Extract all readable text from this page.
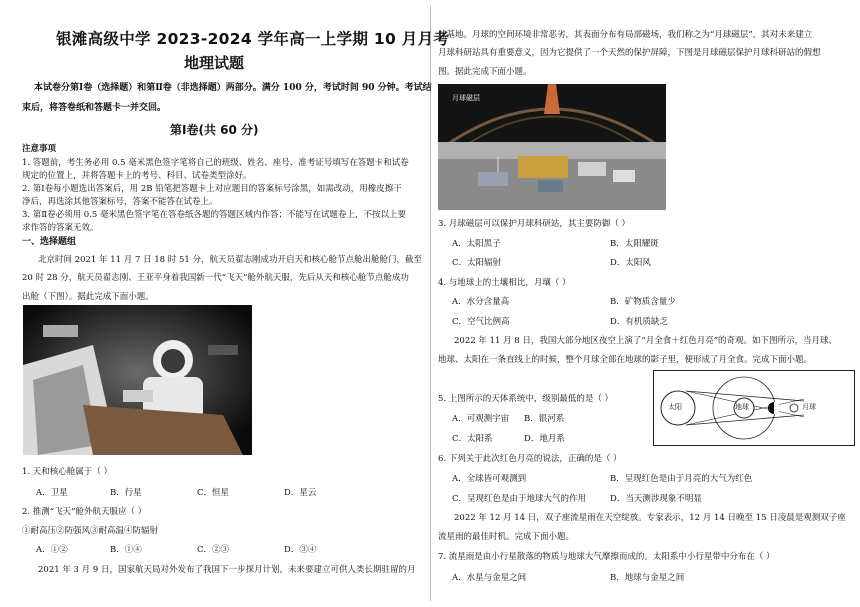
银滩高级中学 2023-2024 学年高一上学期 10 月月考
地理试题
本试卷分第Ⅰ卷（选择题）和第Ⅱ卷（非选择题）两部分。满分 100 分，考试时间 90 分钟。考试结
束后，将答卷纸和答题卡一并交回。
第Ⅰ卷(共 60 分)
注意事项
1. 答题前，考生务必用 0.5 毫米黑色签字笔将自己的班级、姓名、座号、准考证号填写在答题卡和试卷
规定的位置上，并将答题卡上的考号、科目、试卷类型涂好。
2. 第Ⅰ卷每小题选出答案后，用 2B 铅笔把答题卡上对应题目的答案标号涂黑，如需改动，用橡皮擦干
净后，再选涂其他答案标号，答案不能答在试卷上。
3. 第Ⅱ卷必须用 0.5 毫米黑色签字笔在答卷纸各题的答题区域内作答；不能写在试题卷上，不按以上要
求作答的答案无效。
一、选择题组
北京时间 2021 年 11 月 7 日 18 时 51 分，航天员翟志刚成功开启天和核心舱节点舱出舱舱门，截至
20 时 28 分，航天员翟志刚、王亚平身着我国新一代“飞天”舱外航天服，先后从天和核心舱节点舱成功
出舱（下图）。据此完成下面小题。
1. 天和核心舱属于（ ）
A．卫星	B．行星	C．恒星	D．星云
2. 推测“飞天”舱外航天服应（ ）
①耐高压②防强风③耐高温④防辐射
A．①②	B．①④	C．②③	D．③④
2021 年 3 月 9 日，国家航天局对外发布了我国下一步探月计划，未来要建立可供人类长期驻留的月
球基地。月球的空间环境非常恶劣，其表面分布有局部磁场，我们称之为“月球磁层”，其对未来建立
月球科研站具有重要意义，因为它提供了一个天然的保护屏障，下图是月球磁层保护月球科研站的假想
图。据此完成下面小题。
月球磁层
3. 月球磁层可以保护月球科研站，其主要防御（ ）
A．太阳黑子	B．太阳耀斑
C．太阳辐射	D．太阳风
4. 与地球上的土壤相比，月壤（ ）
A．水分含量高	B．矿物质含量少
C．空气比例高	D．有机质缺乏
2022 年 11 月 8 日，我国大部分地区夜空上演了“月全食＋红色月亮”的奇观。如下图所示，当月球、
地球、太阳在一条直线上的时候，整个月球全部在地球的影子里，便形成了月全食。完成下面小题。
5. 上图所示的天体系统中，级别最低的是（ ）
A．可观测宇宙 B．银河系
C．太阳系	D．地月系
太阳	地球	月球
6. 下列关于此次红色月亮的说法，正确的是（ ）
A．全球皆可观测到	B．呈现红色是由于月亮的大气为红色
C．呈现红色是由于地球大气的作用	D．当天测涉现象不明显
2022 年 12 月 14 日，双子座流星雨在天空绽放。专家表示，12 月 14 日晚至 15 日凌晨是观测双子座
流星雨的最佳时机。完成下面小题。
7. 流星雨是由小行星散落的物质与地球大气摩擦而成的。太阳系中小行星带中分布在（ ）
A．水星与金星之间	B．地球与金星之间
